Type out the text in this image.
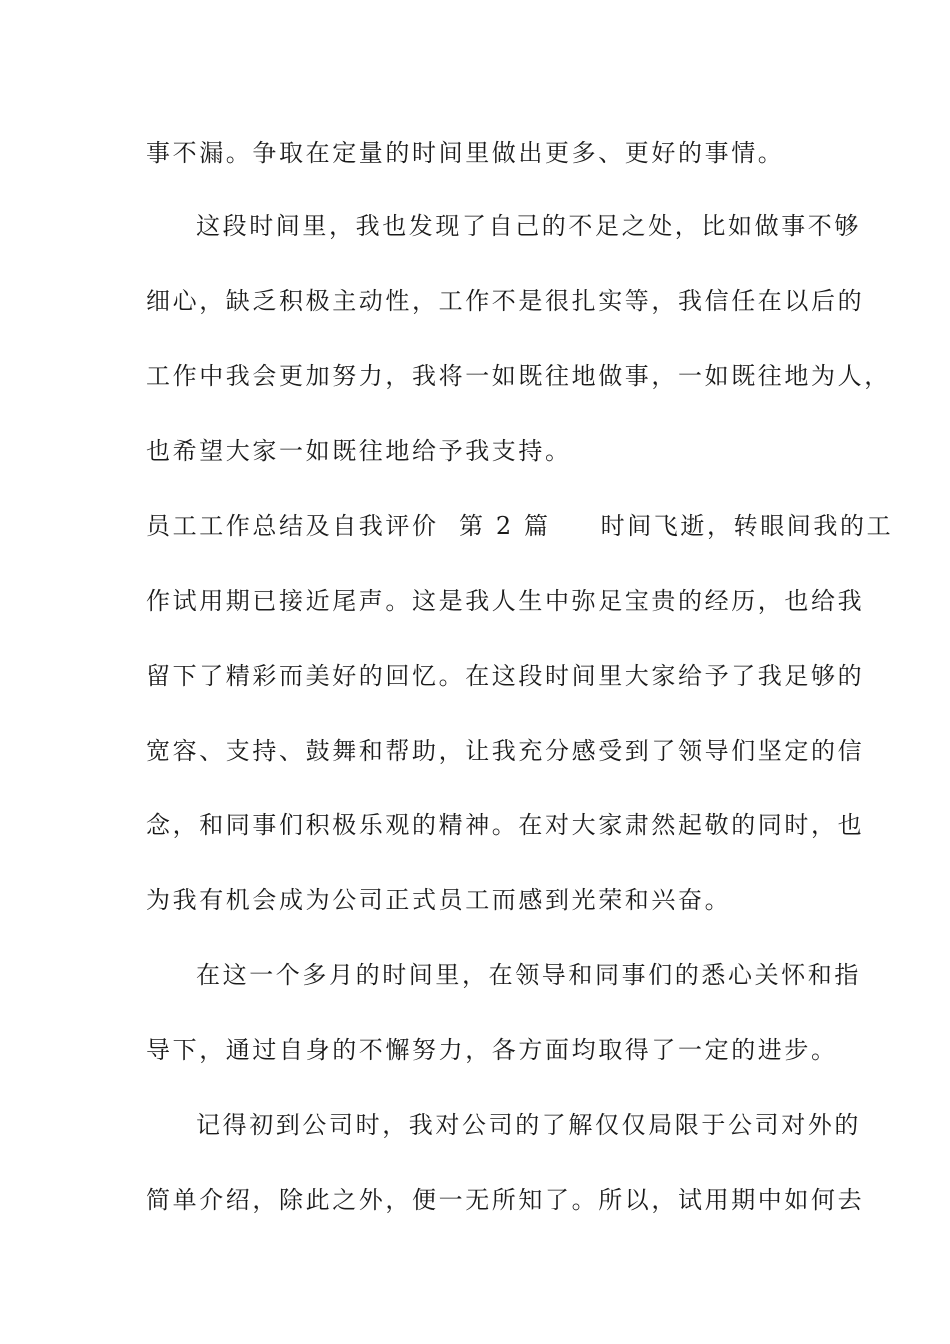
事不漏。争取在定量的时间里做出更多、更好的事情。
这段时间里，我也发现了自己的不足之处，比如做事不够
细心，缺乏积极主动性，工作不是很扎实等，我信任在以后的
工作中我会更加努力，我将一如既往地做事，一如既往地为人，
也希望大家一如既往地给予我支持。
员工工作总结及自我评价  第 2 篇 时间飞逝，转眼间我的工
作试用期已接近尾声。这是我人生中弥足宝贵的经历，也给我
留下了精彩而美好的回忆。在这段时间里大家给予了我足够的
宽容、支持、鼓舞和帮助，让我充分感受到了领导们坚定的信
念，和同事们积极乐观的精神。在对大家肃然起敬的同时，也
为我有机会成为公司正式员工而感到光荣和兴奋。
在这一个多月的时间里，在领导和同事们的悉心关怀和指
导下，通过自身的不懈努力，各方面均取得了一定的进步。
记得初到公司时，我对公司的了解仅仅局限于公司对外的
简单介绍，除此之外，便一无所知了。所以，试用期中如何去
